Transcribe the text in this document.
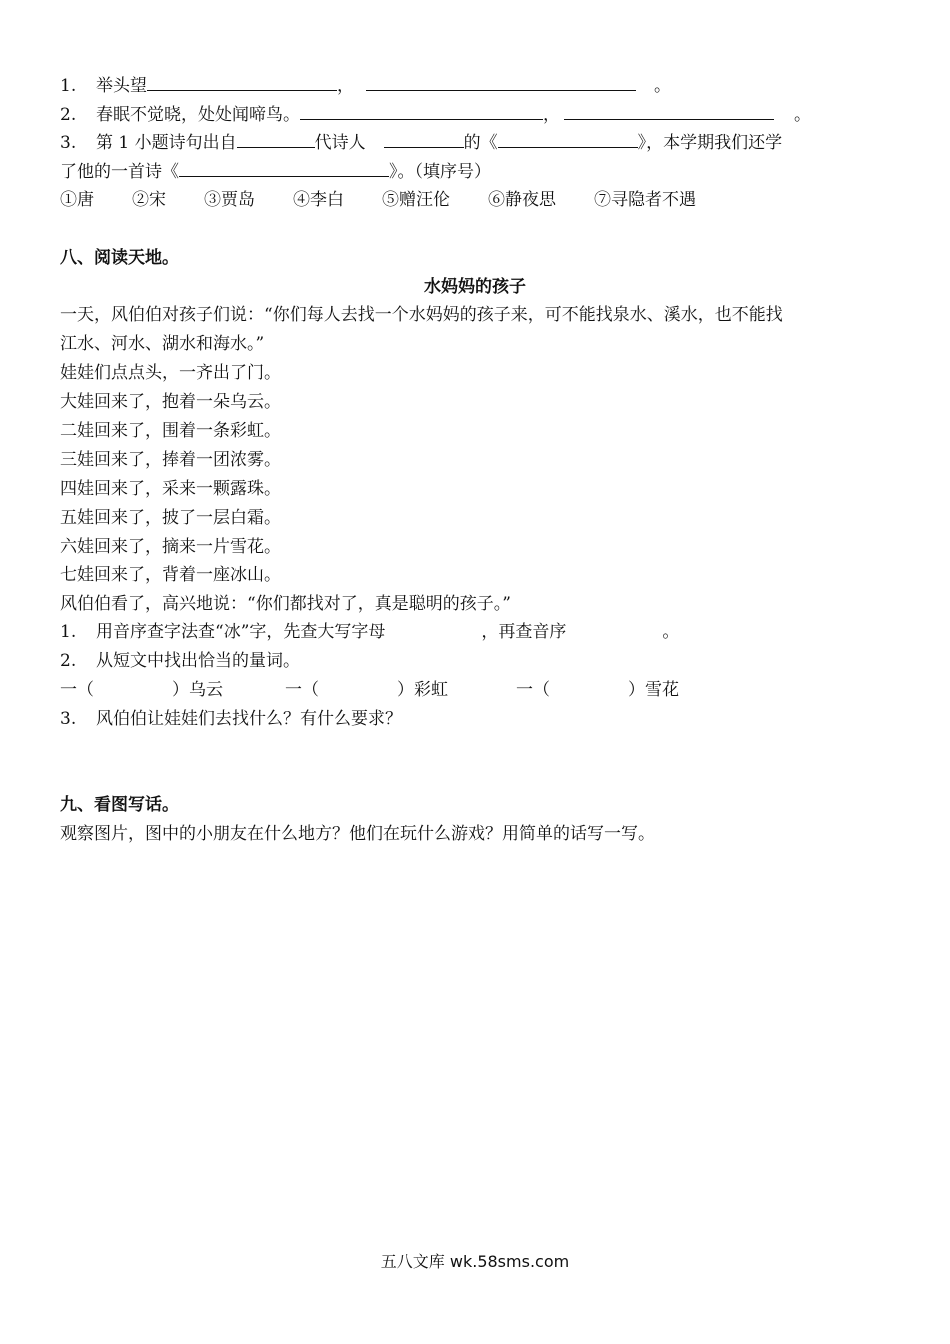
1. 举头望	，	。
2. 春眠不觉晓，处处闻啼鸟。	，	。
3. 第 1 小题诗句出自	代诗人	的《	》，本学期我们还学
了他的一首诗《	》。（填序号）
①唐 ②宋 ③贾岛 ④李白 ⑤赠汪伦 ⑥静夜思 ⑦寻隐者不遇
八、阅读天地。
水妈妈的孩子
一天，风伯伯对孩子们说：“你们每人去找一个水妈妈的孩子来，可不能找泉水、溪水，也不能找
江水、河水、湖水和海水。”
娃娃们点点头，一齐出了门。
大娃回来了，抱着一朵乌云。
二娃回来了，围着一条彩虹。
三娃回来了，捧着一团浓雾。
四娃回来了，采来一颗露珠。
五娃回来了，披了一层白霜。
六娃回来了，摘来一片雪花。
七娃回来了，背着一座冰山。
风伯伯看了，高兴地说：“你们都找对了，真是聪明的孩子。”
1. 用音序查字法查“冰”字，先查大写字母	，再查音序	。
2. 从短文中找出恰当的量词。
一（	）乌云	一（	）彩虹	一（	）雪花
3. 风伯伯让娃娃们去找什么？有什么要求？
九、看图写话。
观察图片，图中的小朋友在什么地方？他们在玩什么游戏？用简单的话写一写。
五八文库 wk.58sms.com
